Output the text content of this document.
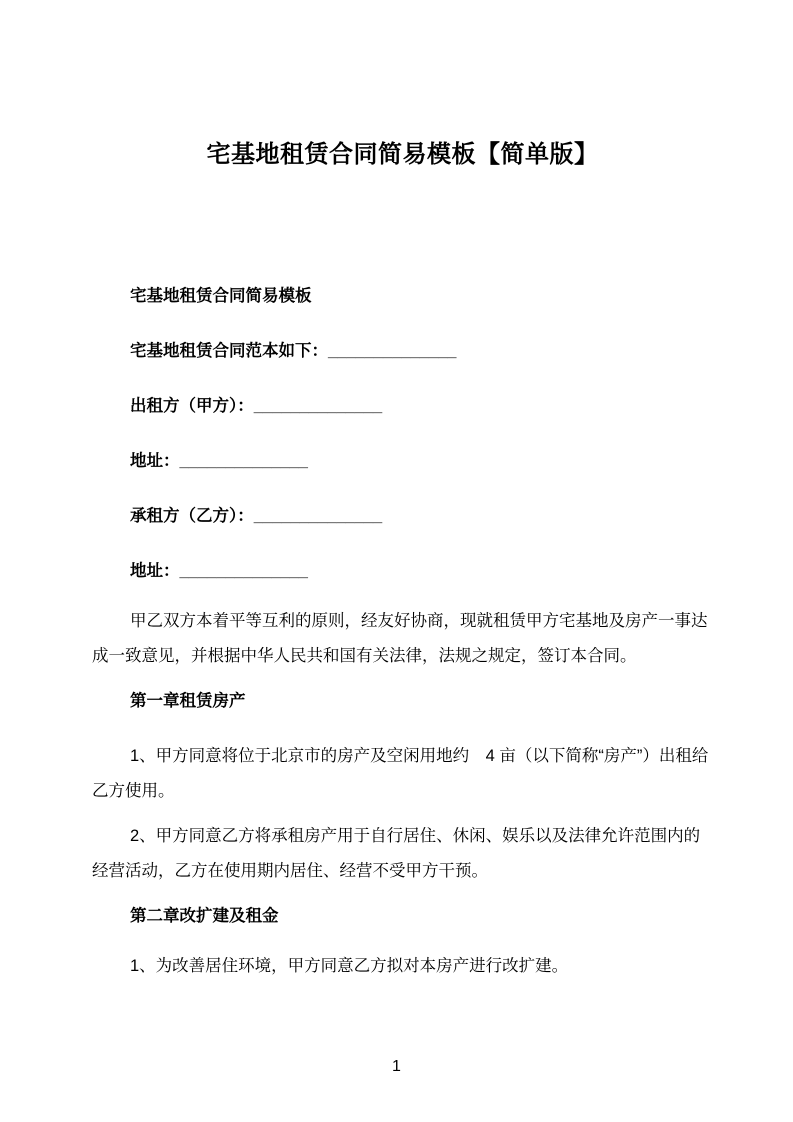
宅基地租赁合同简易模板【简单版】

宅基地租赁合同简易模板

宅基地租赁合同范本如下：______________

出租方（甲方）：______________

地址：______________

承租方（乙方）：______________

地址：______________

甲乙双方本着平等互利的原则，经友好协商，现就租赁甲方宅基地及房产一事达成一致意见，并根据中华人民共和国有关法律，法规之规定，签订本合同。

第一章租赁房产

1、甲方同意将位于北京市的房产及空闲用地约　4 亩（以下简称“房产”）出租给乙方使用。

2、甲方同意乙方将承租房产用于自行居住、休闲、娱乐以及法律允许范围内的经营活动，乙方在使用期内居住、经营不受甲方干预。

第二章改扩建及租金

1、为改善居住环境，甲方同意乙方拟对本房产进行改扩建。

1
